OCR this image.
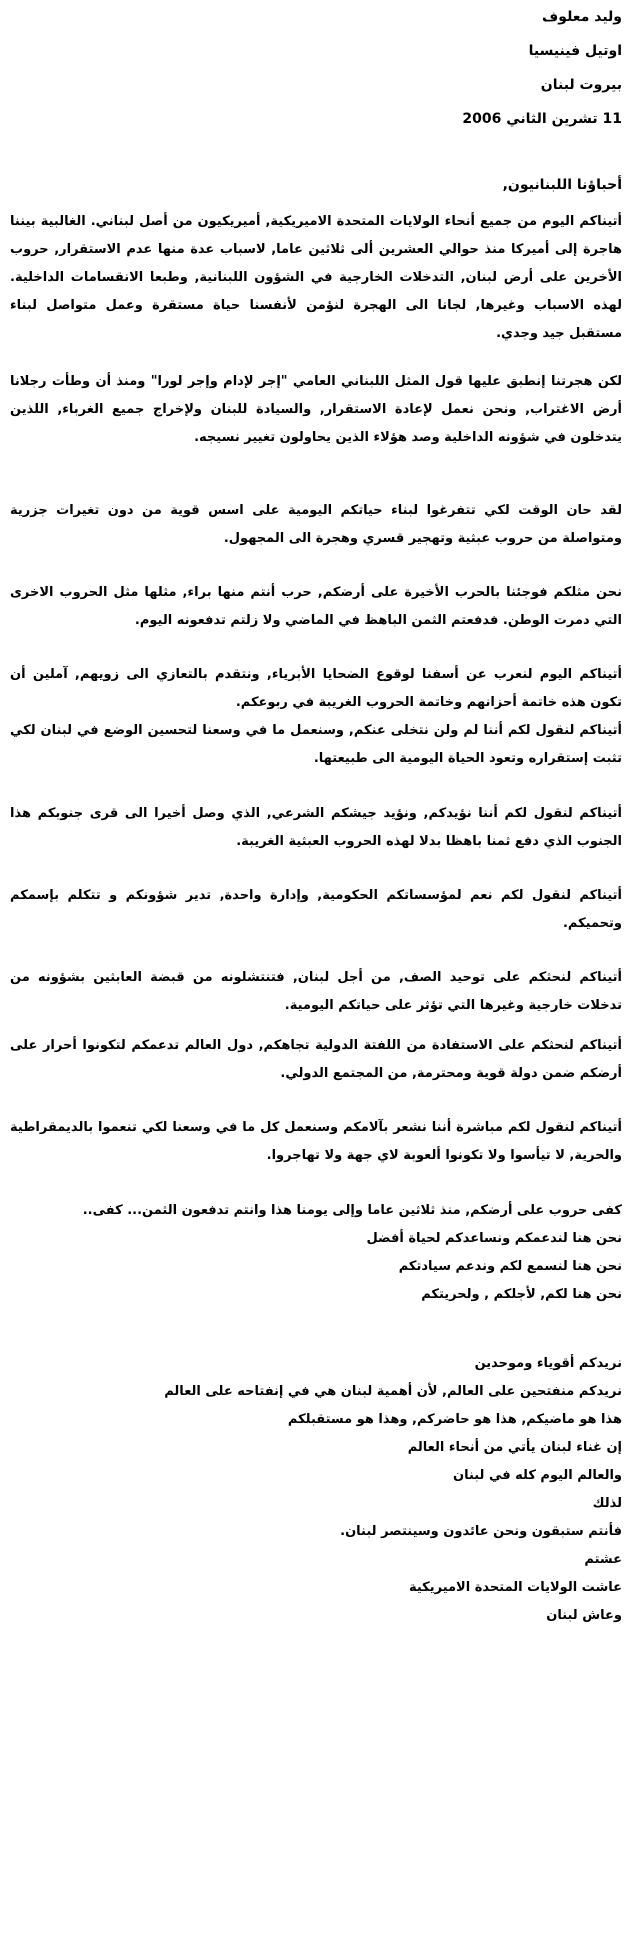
وليد معلوف
اوتيل فينيسيا
بيروت لبنان
11 تشرين الثاني 2006
أحباؤنا اللبنانيون,

أتيناكم اليوم من جميع أنحاء الولايات المتحدة الاميريكية, أميريكيون من أصل لبناني. الغالبية بيننا هاجرة إلى أميركا منذ حوالي العشرين ألى ثلاثين عاما, لاسباب عدة منها عدم الاستقرار, حروب الأخرين على أرض لبنان, التدخلات الخارجية في الشؤون اللبنانية, وطبعا الانقسامات الداخلية. لهذه الاسباب وغيرها, لجانا الى الهجرة لنؤمن لأنفسنا حياة مستقرة وعمل متواصل لبناء مستقبل جيد وجدي.

لكن هجرتنا إنطبق عليها قول المثل اللبناني العامي "إجر لإدام وإجر لورا" ومنذ أن وطأت رجلانا أرض الاغتراب, ونحن نعمل لإعادة الاستقرار, والسيادة للبنان ولإخراج جميع الغرباء, اللذين يتدخلون في شؤونه الداخلية وصد هؤلاء الذين يحاولون تغيير نسيجه.

لقد حان الوقت لكي تتفرغوا لبناء حياتكم اليومية على اسس قوية من دون تغيرات جزرية ومتواصلة من حروب عبثية وتهجير قسري وهجرة الى المجهول.

نحن مثلكم فوجئنا بالحرب الأخيرة على أرضكم, حرب أنتم منها براء, مثلها مثل الحروب الاخرى التي دمرت الوطن. فدفعتم الثمن الباهظ في الماضي ولا زلتم تدفعونه اليوم.

أتيناكم اليوم لنعرب عن أسفنا لوقوع الضحايا الأبرياء, ونتقدم بالتعازي الى زويهم, آملين أن تكون هذه خاتمة أحزانهم وخاتمة الحروب الغريبة في ربوعكم.

أتيناكم لنقول لكم أننا لم ولن نتخلى عنكم, وسنعمل ما في وسعنا لتحسين الوضع في لبنان لكي تثبت إستقراره وتعود الحياة اليومية الى طبيعتها.

أتيناكم لنقول لكم أننا نؤيدكم, ونؤيد جيشكم الشرعي, الذي وصل أخيرا الى قرى جنوبكم هذا الجنوب الذي دفع ثمنا باهظا بدلا لهذه الحروب العبثية الغريبة.

أتيناكم لنقول لكم نعم لمؤسساتكم الحكومية, وإدارة واحدة, تدير شؤونكم و تتكلم بإسمكم وتحميكم.

أتيناكم لنحثكم على توحيد الصف, من أجل لبنان, فتنتشلونه من قبضة العابثين بشؤونه من تدخلات خارجية وغيرها التي تؤثر على حياتكم اليومية.

أتيناكم لنحثكم على الاستفادة من اللفتة الدولية تجاهكم, دول العالم تدعمكم لتكونوا أحرار على أرضكم ضمن دولة قوية ومحترمة, من المجتمع الدولي.

أتيناكم لنقول لكم مباشرة أننا نشعر بآلامكم وسنعمل كل ما في وسعنا لكي تنعموا بالديمقراطية والحرية, لا تيأسوا ولا تكونوا ألعوبة لاي جهة ولا تهاجروا.

كفى حروب على أرضكم, منذ ثلاثين عاما وإلى يومنا هذا وانتم تدفعون الثمن... كفى..
نحن هنا لندعمكم ونساعدكم لحياة أفضل
نحن هنا لنسمع لكم وندعم سيادتكم
نحن هنا لكم, لأجلكم , ولحريتكم
نريدكم أقوياء وموحدين
نريدكم منفتحين على العالم, لأن أهمية لبنان هي في إنفتاحه على العالم
هذا هو ماضيكم, هذا هو حاضركم, وهذا هو مستقبلكم
إن غناء لبنان يأتي من أنحاء العالم
والعالم اليوم كله في لبنان
لذلك
فأنتم ستبقون ونحن عائدون وسينتصر لبنان.
عشتم
عاشت الولايات المتحدة الاميريكية
وعاش لبنان
